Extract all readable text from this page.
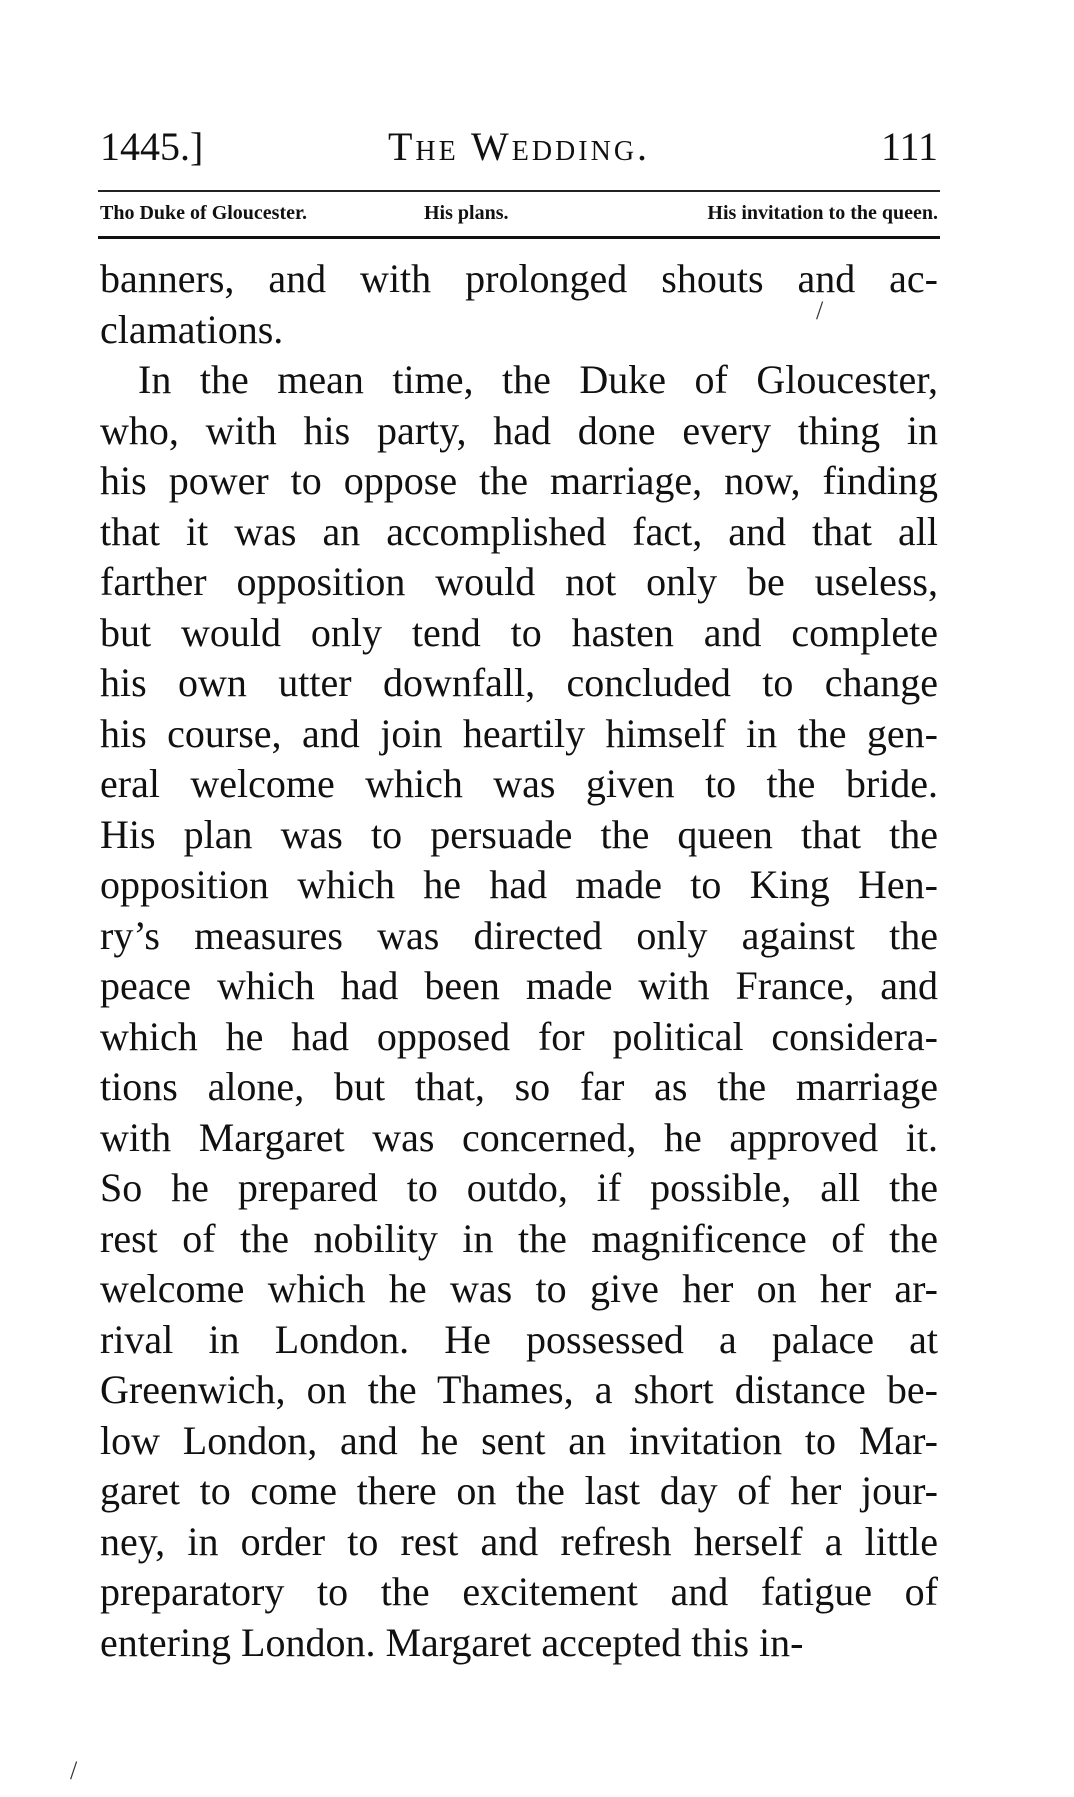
1445.]	The Wedding.	111
Tho Duke of Gloucester.	His plans.	His invitation to the queen.
banners, and with prolonged shouts and ac-
clamations.
In the mean time, the Duke of Gloucester,
who, with his party, had done every thing in
his power to oppose the marriage, now, finding
that it was an accomplished fact, and that all
farther opposition would not only be useless,
but would only tend to hasten and complete
his own utter downfall, concluded to change
his course, and join heartily himself in the gen-
eral welcome which was given to the bride.
His plan was to persuade the queen that the
opposition which he had made to King Hen-
ry’s measures was directed only against the
peace which had been made with France, and
which he had opposed for political considera-
tions alone, but that, so far as the marriage
with Margaret was concerned, he approved it.
So he prepared to outdo, if possible, all the
rest of the nobility in the magnificence of the
welcome which he was to give her on her ar-
rival in London. He possessed a palace at
Greenwich, on the Thames, a short distance be-
low London, and he sent an invitation to Mar-
garet to come there on the last day of her jour-
ney, in order to rest and refresh herself a little
preparatory to the excitement and fatigue of
entering London. Margaret accepted this in-
/
/
